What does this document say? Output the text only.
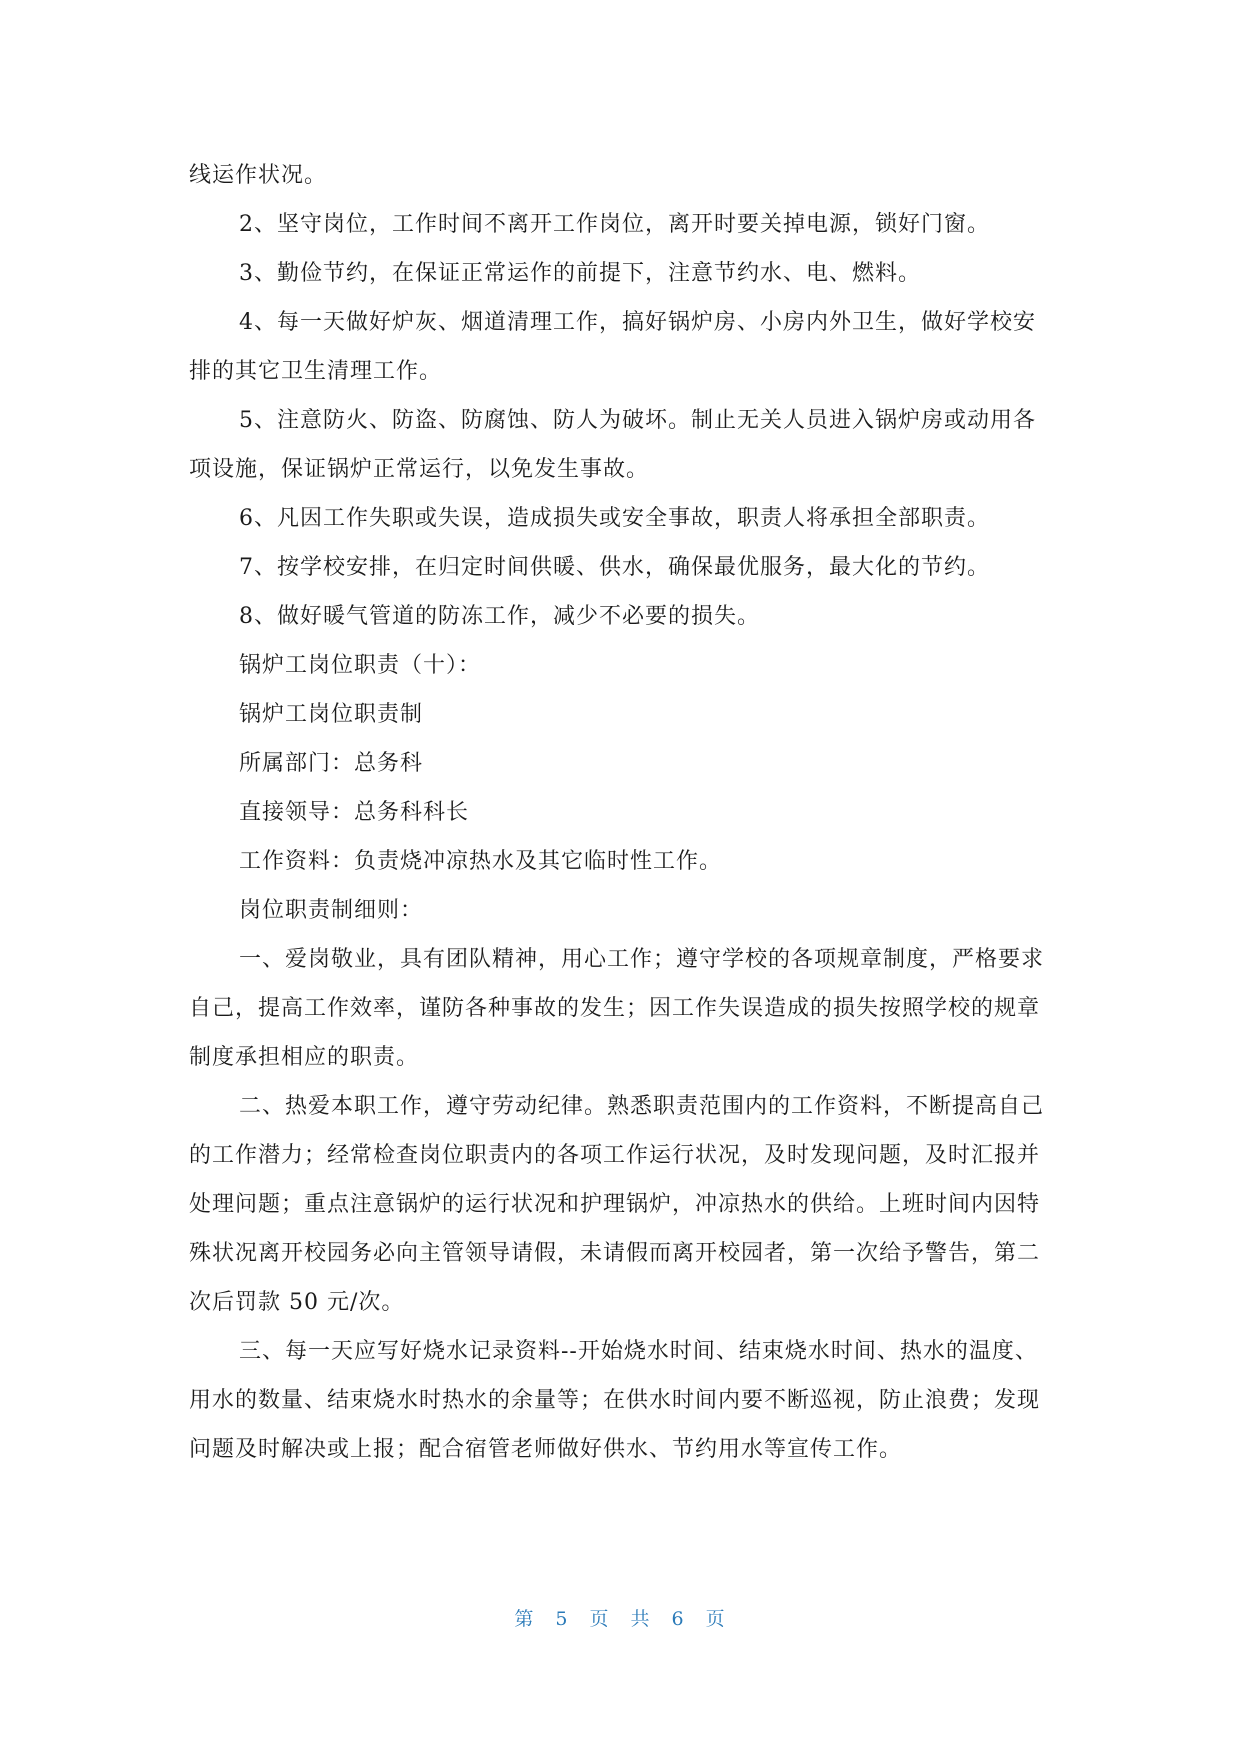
线运作状况。

2、坚守岗位，工作时间不离开工作岗位，离开时要关掉电源，锁好门窗。

3、勤俭节约，在保证正常运作的前提下，注意节约水、电、燃料。

4、每一天做好炉灰、烟道清理工作，搞好锅炉房、小房内外卫生，做好学校安排的其它卫生清理工作。

5、注意防火、防盗、防腐蚀、防人为破坏。制止无关人员进入锅炉房或动用各项设施，保证锅炉正常运行，以免发生事故。

6、凡因工作失职或失误，造成损失或安全事故，职责人将承担全部职责。

7、按学校安排，在归定时间供暖、供水，确保最优服务，最大化的节约。

8、做好暖气管道的防冻工作，减少不必要的损失。

锅炉工岗位职责（十）：

锅炉工岗位职责制

所属部门：总务科

直接领导：总务科科长

工作资料：负责烧冲凉热水及其它临时性工作。

岗位职责制细则：

一、爱岗敬业，具有团队精神，用心工作；遵守学校的各项规章制度，严格要求自己，提高工作效率，谨防各种事故的发生；因工作失误造成的损失按照学校的规章制度承担相应的职责。

二、热爱本职工作，遵守劳动纪律。熟悉职责范围内的工作资料，不断提高自己的工作潜力；经常检查岗位职责内的各项工作运行状况，及时发现问题，及时汇报并处理问题；重点注意锅炉的运行状况和护理锅炉，冲凉热水的供给。上班时间内因特殊状况离开校园务必向主管领导请假，未请假而离开校园者，第一次给予警告，第二次后罚款 50 元/次。

三、每一天应写好烧水记录资料--开始烧水时间、结束烧水时间、热水的温度、用水的数量、结束烧水时热水的余量等；在供水时间内要不断巡视，防止浪费；发现问题及时解决或上报；配合宿管老师做好供水、节约用水等宣传工作。

第 5 页 共 6 页
